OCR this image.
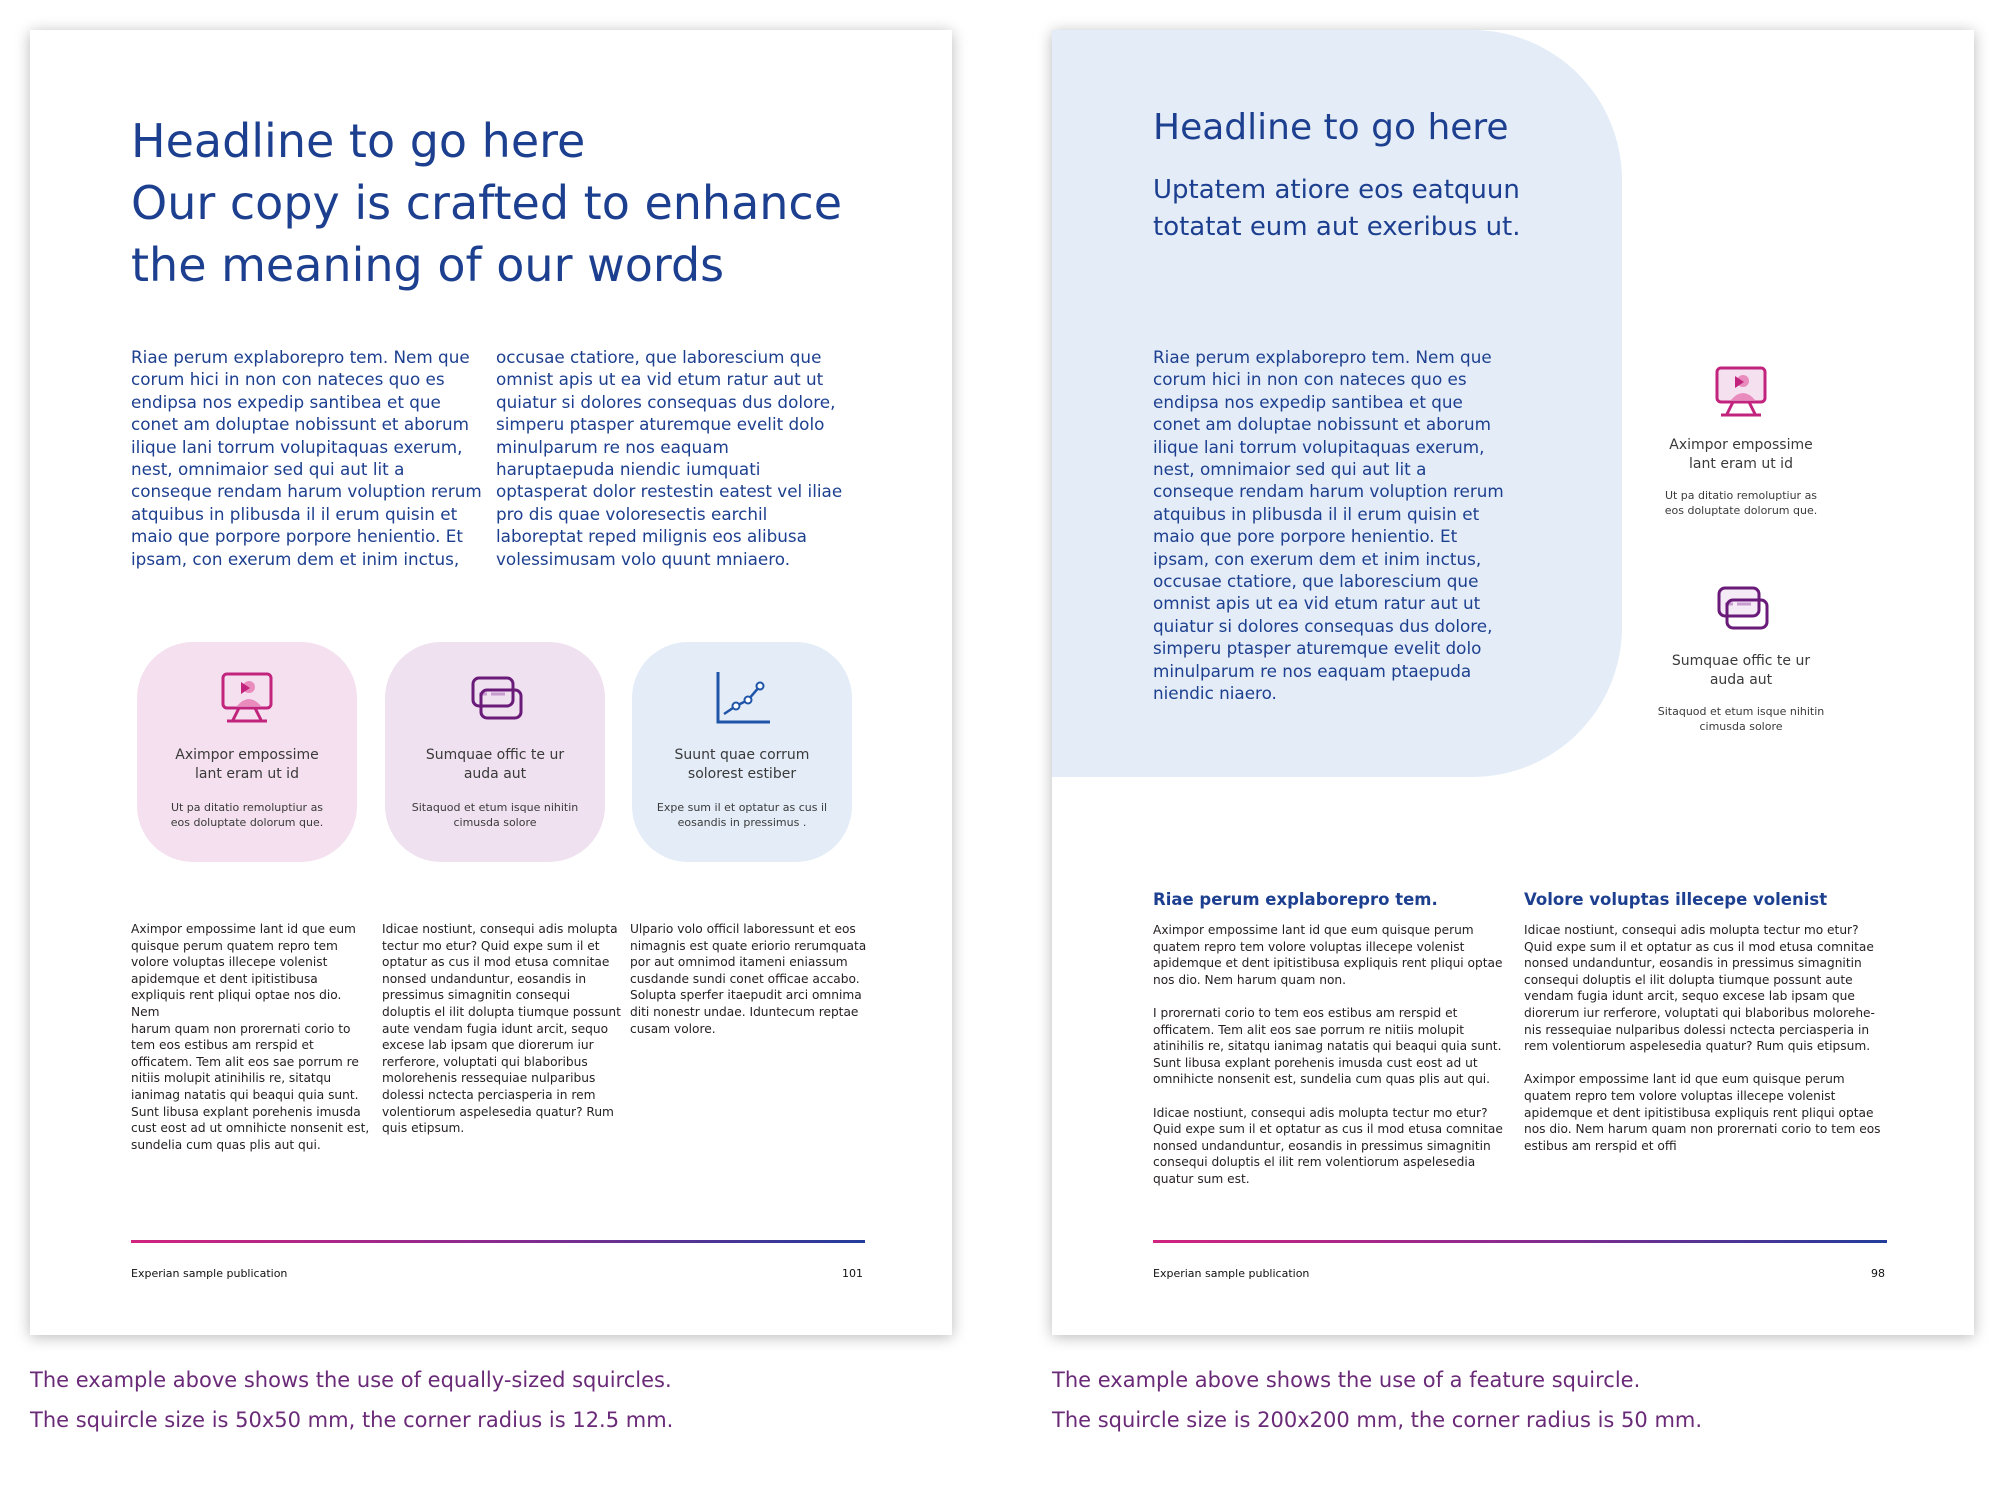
Headline to go here
Our copy is crafted to enhance
the meaning of our words
Riae perum explaborepro tem. Nem que
corum hici in non con nateces quo es
endipsa nos expedip santibea et que
conet am doluptae nobissunt et aborum
ilique lani torrum volupitaquas exerum,
nest, omnimaior sed qui aut lit a
conseque rendam harum voluption rerum
atquibus in plibusda il il erum quisin et
maio que porpore porpore henientio. Et
ipsam, con exerum dem et inim inctus,
occusae ctatiore, que laborescium que
omnist apis ut ea vid etum ratur aut ut
quiatur si dolores consequas dus dolore,
simperu ptasper aturemque evelit dolo
minulparum re nos eaquam
haruptaepuda niendic iumquati
optasperat dolor restestin eatest vel iliae
pro dis quae voloresectis earchil
laboreptat reped milignis eos alibusa
volessimusam volo quunt mniaero.
Aximpor empossime
lant eram ut id
Ut pa ditatio remoluptiur as
eos doluptate dolorum que.
Sumquae offic te ur
auda aut
Sitaquod et etum isque nihitin
cimusda solore
Suunt quae corrum
solorest estiber
Expe sum il et optatur as cus il
eosandis in pressimus .
Aximpor empossime lant id que eum
quisque perum quatem repro tem
volore voluptas illecepe volenist
apidemque et dent ipitistibusa
expliquis rent pliqui optae nos dio. Nem
harum quam non prorernati corio to
tem eos estibus am rerspid et
officatem. Tem alit eos sae porrum re
nitiis molupit atinihilis re, sitatqu
ianimag natatis qui beaqui quia sunt.
Sunt libusa explant porehenis imusda
cust eost ad ut omnihicte nonsenit est,
sundelia cum quas plis aut qui.
Idicae nostiunt, consequi adis molupta
tectur mo etur? Quid expe sum il et
optatur as cus il mod etusa comnitae
nonsed undanduntur, eosandis in
pressimus simagnitin consequi
doluptis el ilit dolupta tiumque possunt
aute vendam fugia idunt arcit, sequo
excese lab ipsam que diorerum iur
rerferore, voluptati qui blaboribus
molorehenis ressequiae nulparibus
dolessi nctecta perciasperia in rem
volentiorum aspelesedia quatur? Rum
quis etipsum.
Ulpario volo officil laboressunt et eos
nimagnis est quate eriorio rerumquata
por aut omnimod itameni eniassum
cusdande sundi conet officae accabo.
Solupta sperfer itaepudit arci omnima
diti nonestr undae. Iduntecum reptae
cusam volore.
Experian sample publication	101
Headline to go here
Uptatem atiore eos eatquun
totatat eum aut exeribus ut.
Riae perum explaborepro tem. Nem que
corum hici in non con nateces quo es
endipsa nos expedip santibea et que
conet am doluptae nobissunt et aborum
ilique lani torrum volupitaquas exerum,
nest, omnimaior sed qui aut lit a
conseque rendam harum voluption rerum
atquibus in plibusda il il erum quisin et
maio que pore porpore henientio. Et
ipsam, con exerum dem et inim inctus,
occusae ctatiore, que laborescium que
omnist apis ut ea vid etum ratur aut ut
quiatur si dolores consequas dus dolore,
simperu ptasper aturemque evelit dolo
minulparum re nos eaquam ptaepuda
niendic niaero.
Aximpor empossime
lant eram ut id
Ut pa ditatio remoluptiur as
eos doluptate dolorum que.
Sumquae offic te ur
auda aut
Sitaquod et etum isque nihitin
cimusda solore
Riae perum explaborepro tem.	Volore voluptas illecepe volenist

Aximpor empossime lant id que eum quisque perum
quatem repro tem volore voluptas illecepe volenist
apidemque et dent ipitistibusa expliquis rent pliqui optae
nos dio. Nem harum quam non.

I prorernati corio to tem eos estibus am rerspid et
officatem. Tem alit eos sae porrum re nitiis molupit
atinihilis re, sitatqu ianimag natatis qui beaqui quia sunt.
Sunt libusa explant porehenis imusda cust eost ad ut
omnihicte nonsenit est, sundelia cum quas plis aut qui.

Idicae nostiunt, consequi adis molupta tectur mo etur?
Quid expe sum il et optatur as cus il mod etusa comnitae
nonsed undanduntur, eosandis in pressimus simagnitin
consequi doluptis el ilit rem volentiorum aspelesedia
quatur sum est.

Idicae nostiunt, consequi adis molupta tectur mo etur?
Quid expe sum il et optatur as cus il mod etusa comnitae
nonsed undanduntur, eosandis in pressimus simagnitin
consequi doluptis el ilit dolupta tiumque possunt aute
vendam fugia idunt arcit, sequo excese lab ipsam que
diorerum iur rerferore, voluptati qui blaboribus molorehe-
nis ressequiae nulparibus dolessi nctecta perciasperia in
rem volentiorum aspelesedia quatur? Rum quis etipsum.

Aximpor empossime lant id que eum quisque perum
quatem repro tem volore voluptas illecepe volenist
apidemque et dent ipitistibusa expliquis rent pliqui optae
nos dio. Nem harum quam non prorernati corio to tem eos
estibus am rerspid et offi

Experian sample publication	98
The example above shows the use of equally-sized squircles.
The squircle size is 50x50 mm, the corner radius is 12.5 mm.
The example above shows the use of a feature squircle.
The squircle size is 200x200 mm, the corner radius is 50 mm.
